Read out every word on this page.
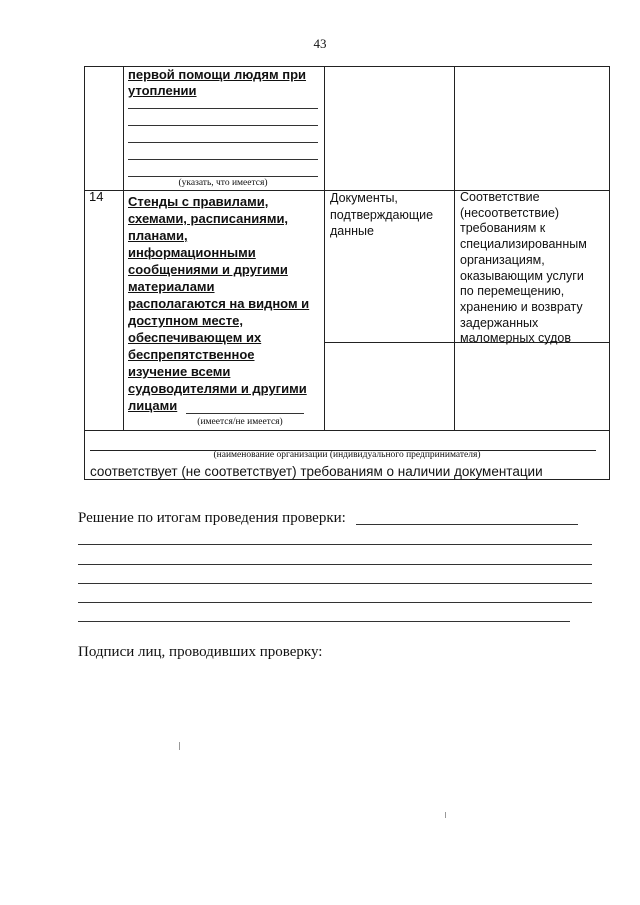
43
первой помощи людям при
утоплении
(указать, что имеется)
14 Стенды с правилами,
схемами, расписаниями,
планами,
информационными
сообщениями и другими
материалами
располагаются на видном и
доступном месте,
обеспечивающем их
беспрепятственное
изучение всеми
судоводителями и другими
лицами
(имеется/не имеется)
Документы,
подтверждающие
данные
Соответствие
(несоответствие)
требованиям к
специализированным
организациям,
оказывающим услуги
по перемещению,
хранению и возврату
задержанных
маломерных судов
(наименование организации (индивидуального предпринимателя)
соответствует (не соответствует) требованиям о наличии документации
Решение по итогам проведения проверки:
Подписи лиц, проводивших проверку:
